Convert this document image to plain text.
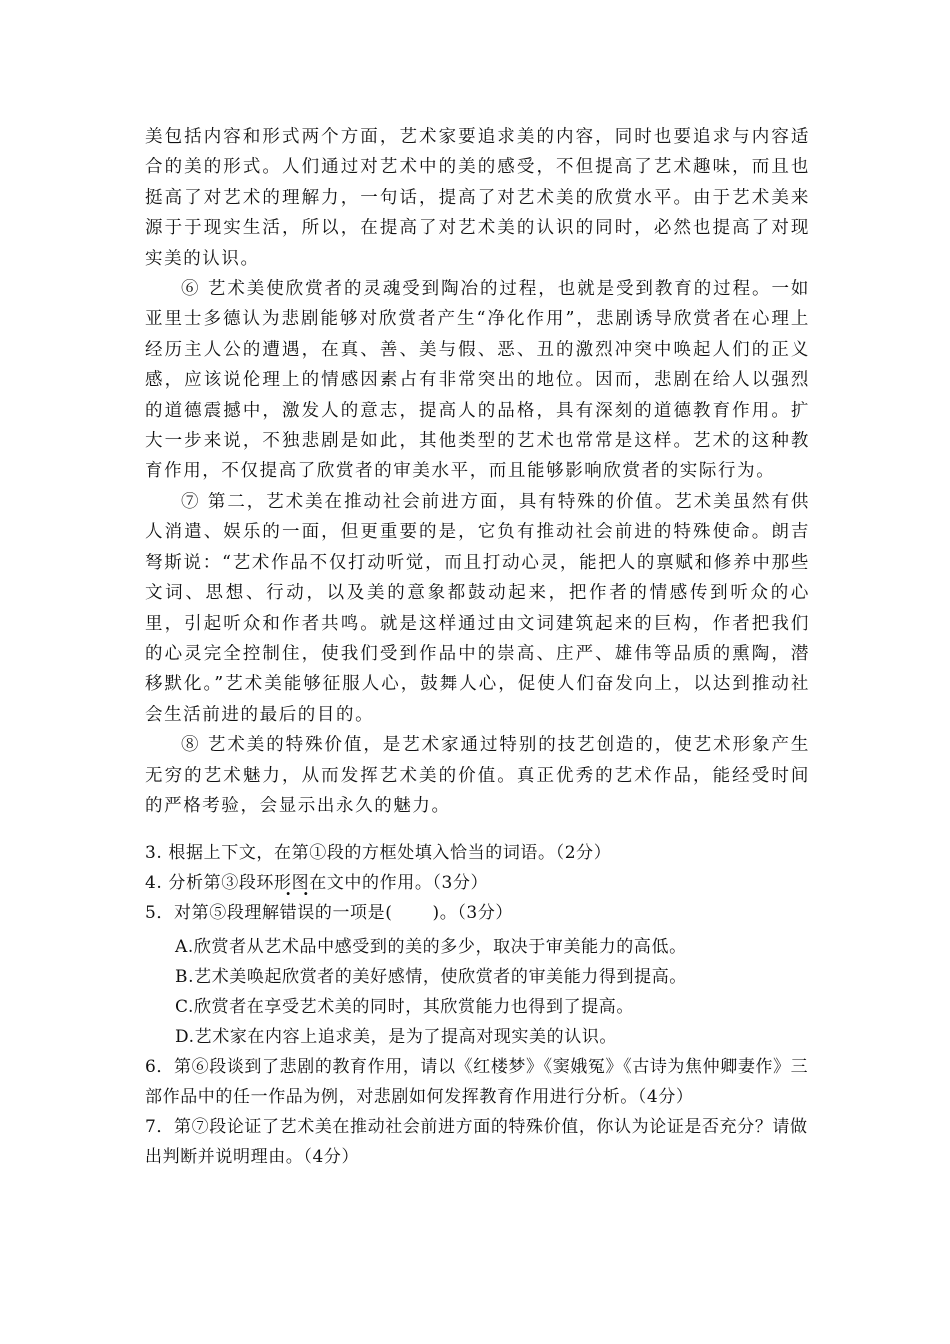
美包括内容和形式两个方面，艺术家要追求美的内容，同时也要追求与内容适合的美的形式。人们通过对艺术中的美的感受，不但提高了艺术趣味，而且也挺高了对艺术的理解力，一句话，提高了对艺术美的欣赏水平。由于艺术美来源于于现实生活，所以，在提高了对艺术美的认识的同时，必然也提高了对现实美的认识。

⑥ 艺术美使欣赏者的灵魂受到陶冶的过程，也就是受到教育的过程。一如亚里士多德认为悲剧能够对欣赏者产生“净化作用”，悲剧诱导欣赏者在心理上经历主人公的遭遇，在真、善、美与假、恶、丑的激烈冲突中唤起人们的正义感，应该说伦理上的情感因素占有非常突出的地位。因而，悲剧在给人以强烈的道德震撼中，激发人的意志，提高人的品格，具有深刻的道德教育作用。扩大一步来说，不独悲剧是如此，其他类型的艺术也常常是这样。艺术的这种教育作用，不仅提高了欣赏者的审美水平，而且能够影响欣赏者的实际行为。

⑦ 第二，艺术美在推动社会前进方面，具有特殊的价值。艺术美虽然有供人消遣、娱乐的一面，但更重要的是，它负有推动社会前进的特殊使命。朗吉弩斯说：“艺术作品不仅打动听觉，而且打动心灵，能把人的禀赋和修养中那些文词、思想、行动，以及美的意象都鼓动起来，把作者的情感传到听众的心里，引起听众和作者共鸣。就是这样通过由文词建筑起来的巨构，作者把我们的心灵完全控制住，使我们受到作品中的崇高、庄严、雄伟等品质的熏陶，潜移默化。”艺术美能够征服人心，鼓舞人心，促使人们奋发向上，以达到推动社会生活前进的最后的目的。

⑧ 艺术美的特殊价值，是艺术家通过特别的技艺创造的，使艺术形象产生无穷的艺术魅力，从而发挥艺术美的价值。真正优秀的艺术作品，能经受时间的严格考验，会显示出永久的魅力。

3. 根据上下文，在第①段的方框处填入恰当的词语。（2分）

4. 分析第③段环形图在文中的作用。（3分）

5．对第⑤段理解错误的一项是( )。（3分）

A.欣赏者从艺术品中感受到的美的多少，取决于审美能力的高低。
B.艺术美唤起欣赏者的美好感情，使欣赏者的审美能力得到提高。
C.欣赏者在享受艺术美的同时，其欣赏能力也得到了提高。
D.艺术家在内容上追求美，是为了提高对现实美的认识。

6．第⑥段谈到了悲剧的教育作用，请以《红楼梦》《窦娥冤》《古诗为焦仲卿妻作》三部作品中的任一作品为例，对悲剧如何发挥教育作用进行分析。（4分）

7．第⑦段论证了艺术美在推动社会前进方面的特殊价值，你认为论证是否充分？请做出判断并说明理由。（4分）
